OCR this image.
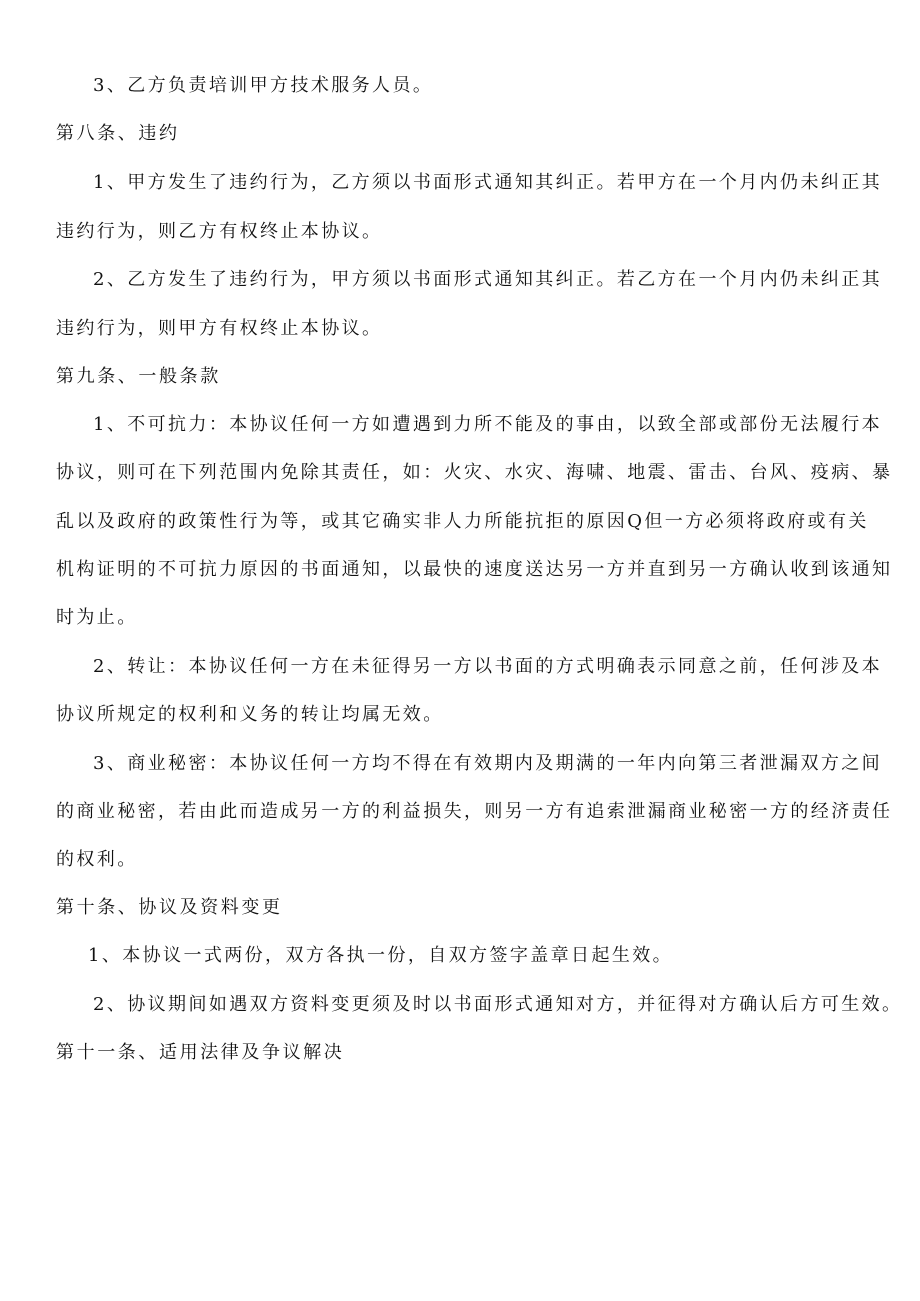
3、乙方负责培训甲方技术服务人员。
第八条、违约
1、甲方发生了违约行为，乙方须以书面形式通知其纠正。若甲方在一个月内仍未纠正其
违约行为，则乙方有权终止本协议。
2、乙方发生了违约行为，甲方须以书面形式通知其纠正。若乙方在一个月内仍未纠正其
违约行为，则甲方有权终止本协议。
第九条、一般条款
1、不可抗力：本协议任何一方如遭遇到力所不能及的事由，以致全部或部份无法履行本
协议，则可在下列范围内免除其责任，如：火灾、水灾、海啸、地震、雷击、台风、疫病、暴
乱以及政府的政策性行为等，或其它确实非人力所能抗拒的原因Q但一方必须将政府或有关
机构证明的不可抗力原因的书面通知，以最快的速度送达另一方并直到另一方确认收到该通知
时为止。
2、转让：本协议任何一方在未征得另一方以书面的方式明确表示同意之前，任何涉及本
协议所规定的权利和义务的转让均属无效。
3、商业秘密：本协议任何一方均不得在有效期内及期满的一年内向第三者泄漏双方之间
的商业秘密，若由此而造成另一方的利益损失，则另一方有追索泄漏商业秘密一方的经济责任
的权利。
第十条、协议及资料变更
1、本协议一式两份，双方各执一份，自双方签字盖章日起生效。
2、协议期间如遇双方资料变更须及时以书面形式通知对方，并征得对方确认后方可生效。
第十一条、适用法律及争议解决
